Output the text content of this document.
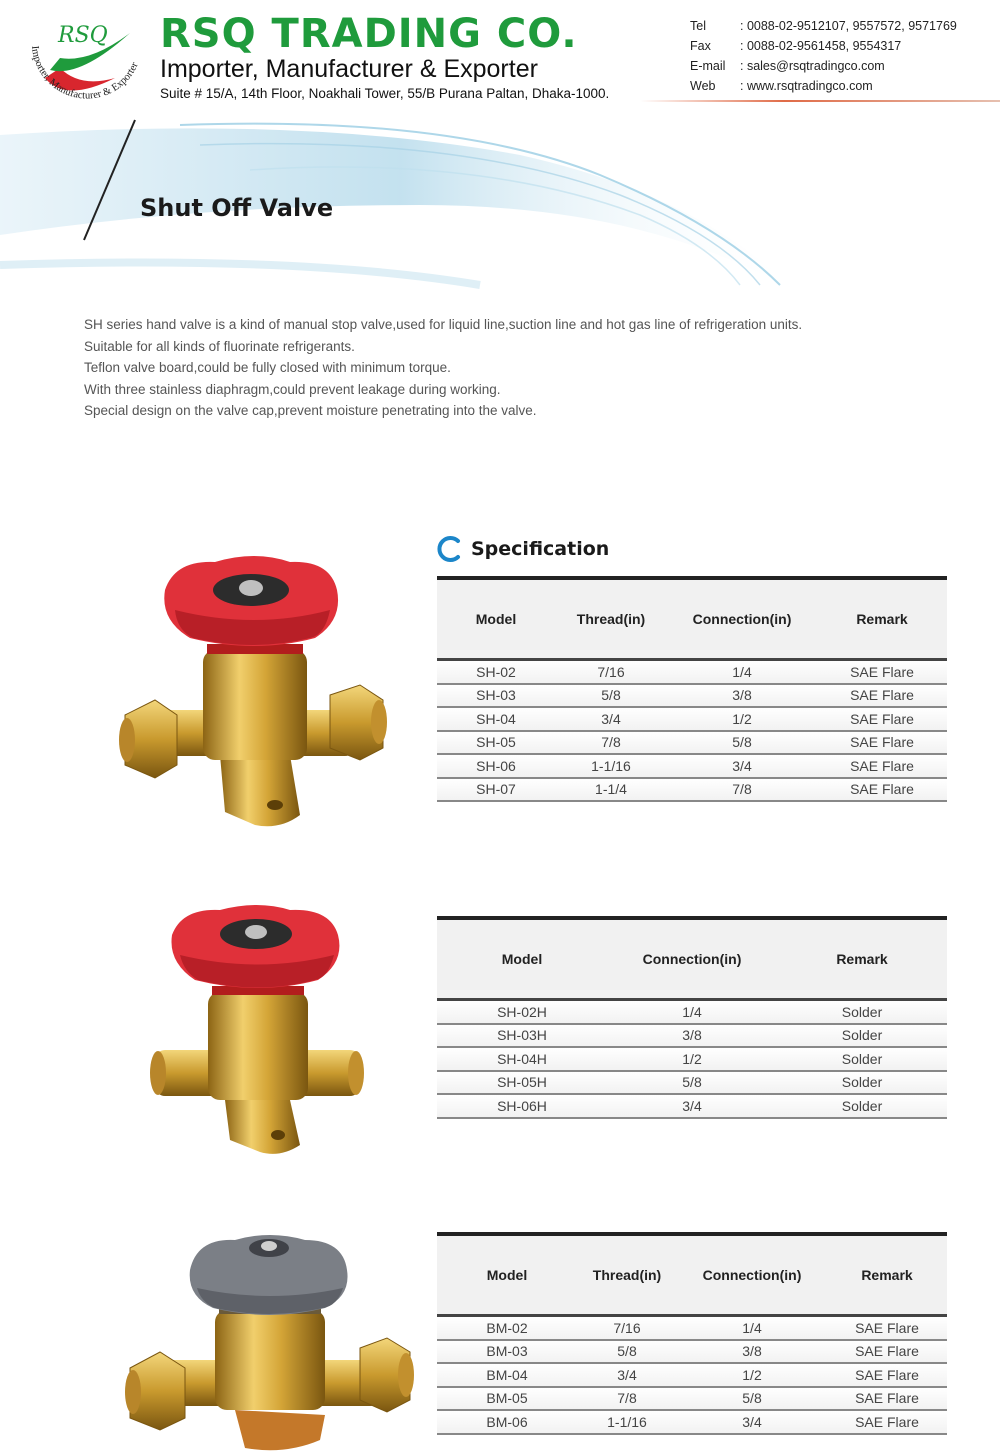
RSQ
Importer, Manufacturer & Exporter
RSQ TRADING CO.
Importer, Manufacturer & Exporter
Suite # 15/A, 14th Floor, Noakhali Tower, 55/B Purana Paltan, Dhaka-1000.
Tel	: 0088-02-9512107, 9557572, 9571769
Fax : 0088-02-9561458, 9554317
E-mail : sales@rsqtradingco.com
Web : www.rsqtradingco.com
Shut Off Valve
SH series hand valve is a kind of manual stop valve,used for liquid line,suction line and hot gas line of refrigeration units.
Suitable for all kinds of fluorinate refrigerants.
Teflon valve board,could be fully closed with minimum torque.
With three stainless diaphragm,could prevent leakage during working.
Special design on the valve cap,prevent moisture penetrating into the valve.
Specification
Model	Thread(in)	Connection(in)	Remark
SH-02	7/16	1/4	SAE Flare
SH-03	5/8	3/8	SAE Flare
SH-04	3/4	1/2	SAE Flare
SH-05	7/8	5/8	SAE Flare
SH-06	1-1/16	3/4	SAE Flare
SH-07	1-1/4	7/8	SAE Flare
Model	Connection(in)	Remark
SH-02H	1/4	Solder
SH-03H	3/8	Solder
SH-04H	1/2	Solder
SH-05H	5/8	Solder
SH-06H	3/4	Solder
Model	Thread(in)	Connection(in)	Remark
BM-02	7/16	1/4	SAE Flare
BM-03	5/8	3/8	SAE Flare
BM-04	3/4	1/2	SAE Flare
BM-05	7/8	5/8	SAE Flare
BM-06	1-1/16	3/4	SAE Flare
